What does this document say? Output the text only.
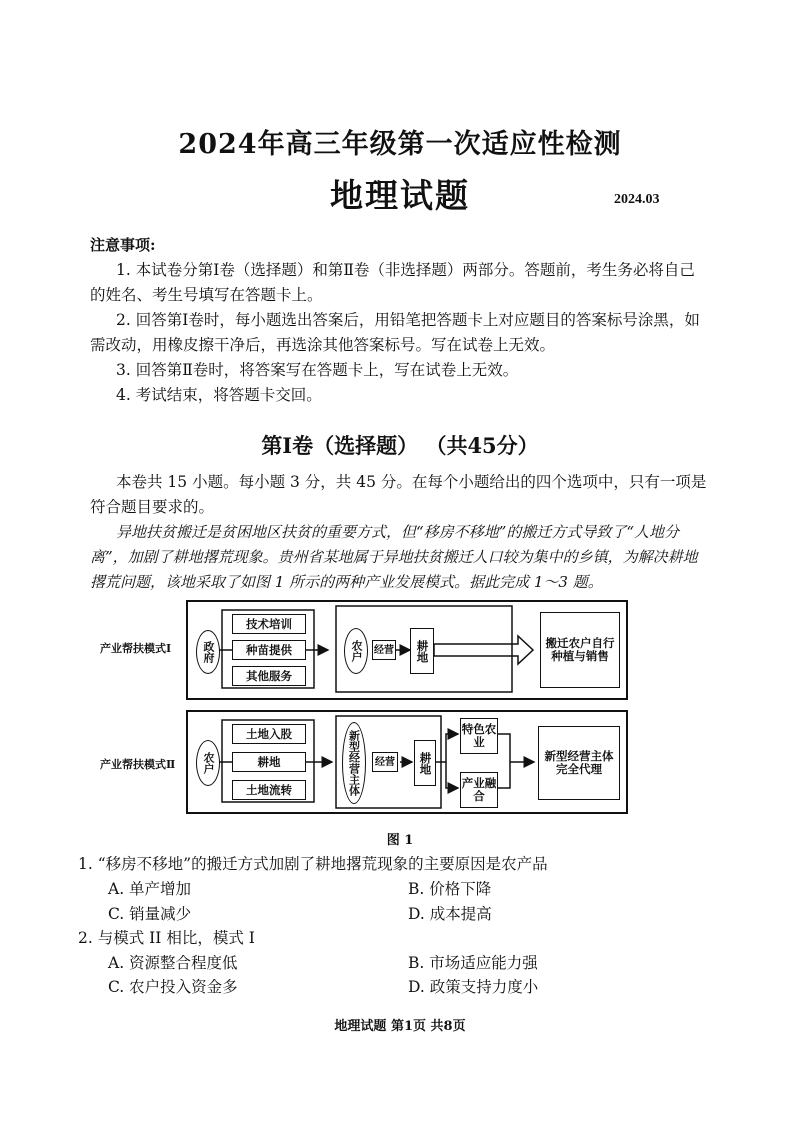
2024年高三年级第一次适应性检测
地理试题	2024.03
注意事项:
1. 本试卷分第Ⅰ卷（选择题）和第Ⅱ卷（非选择题）两部分。答题前，考生务必将自己的姓名、考生号填写在答题卡上。
2. 回答第Ⅰ卷时，每小题选出答案后，用铅笔把答题卡上对应题目的答案标号涂黑，如需改动，用橡皮擦干净后，再选涂其他答案标号。写在试卷上无效。
3. 回答第Ⅱ卷时，将答案写在答题卡上，写在试卷上无效。
4. 考试结束，将答题卡交回。
第Ⅰ卷（选择题） （共45分）
本卷共 15 小题。每小题 3 分，共 45 分。在每个小题给出的四个选项中，只有一项是符合题目要求的。
异地扶贫搬迁是贫困地区扶贫的重要方式，但“移房不移地”的搬迁方式导致了“人地分离”，加剧了耕地撂荒现象。贵州省某地属于异地扶贫搬迁人口较为集中的乡镇，为解决耕地撂荒问题，该地采取了如图 1 所示的两种产业发展模式。据此完成 1～3 题。
产业帮扶模式Ⅰ	政府
技术培训
种苗提供
其他服务
农户 经营	耕地	搬迁农户自行种植与销售
产业帮扶模式Ⅱ 农户
土地入股
耕地
土地流转	新型经营主体	经营	耕地
特色农业
产业融合
新型经营主体完全代理
图 1
1. “移房不移地”的搬迁方式加剧了耕地撂荒现象的主要原因是农产品
A. 单产增加	B. 价格下降
C. 销量减少	D. 成本提高
2. 与模式 II 相比，模式 I
A. 资源整合程度低	B. 市场适应能力强
C. 农户投入资金多	D. 政策支持力度小
地理试题 第1页 共8页
